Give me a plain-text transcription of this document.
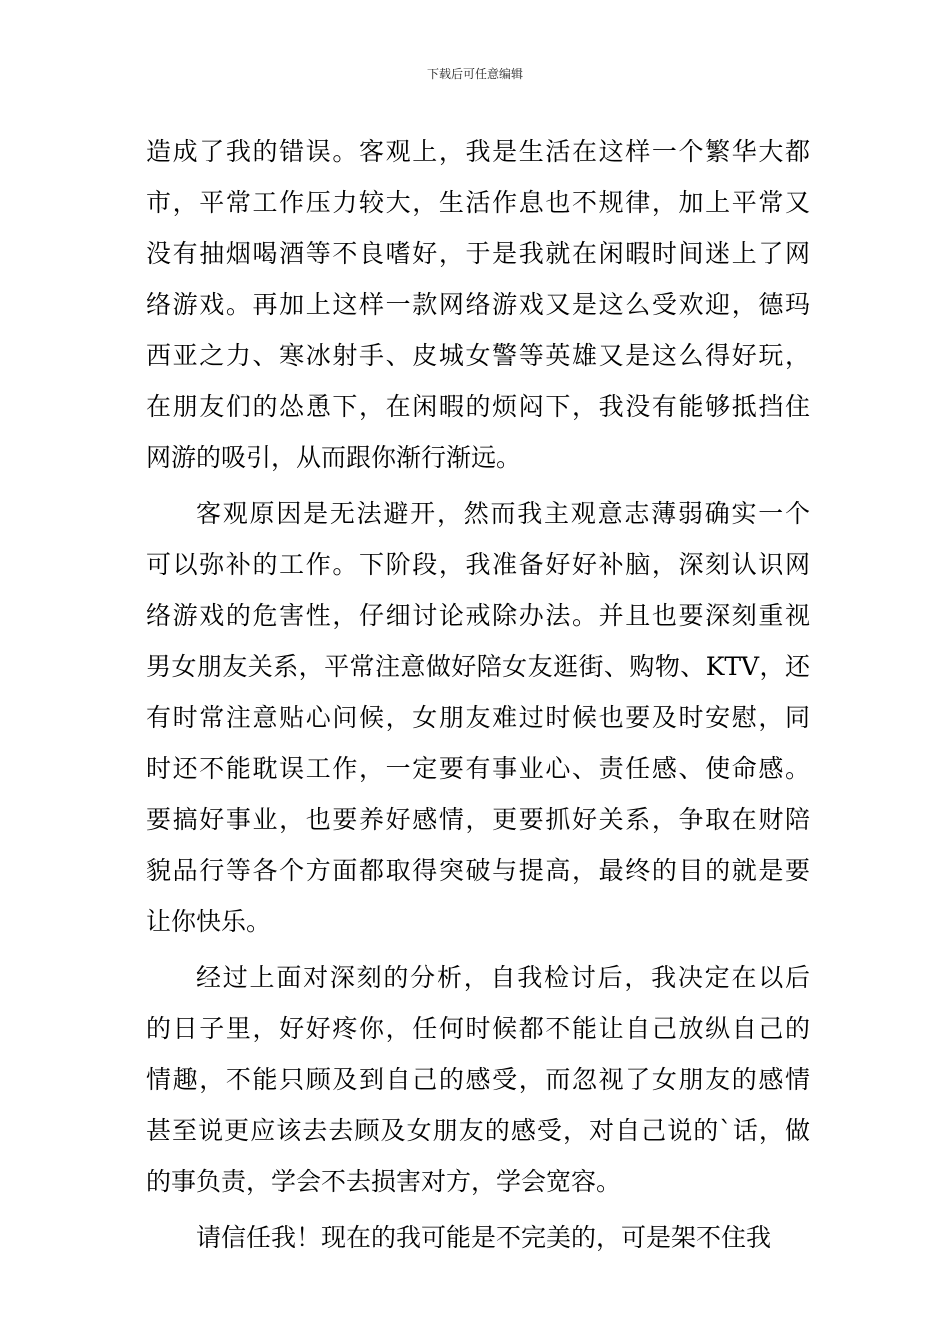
下载后可任意编辑
造成了我的错误。客观上，我是生活在这样一个繁华大都
市，平常工作压力较大，生活作息也不规律，加上平常又
没有抽烟喝酒等不良嗜好，于是我就在闲暇时间迷上了网
络游戏。再加上这样一款网络游戏又是这么受欢迎，德玛
西亚之力、寒冰射手、皮城女警等英雄又是这么得好玩，
在朋友们的怂恿下，在闲暇的烦闷下，我没有能够抵挡住
网游的吸引，从而跟你渐行渐远。
客观原因是无法避开，然而我主观意志薄弱确实一个
可以弥补的工作。下阶段，我准备好好补脑，深刻认识网
络游戏的危害性，仔细讨论戒除办法。并且也要深刻重视
男女朋友关系，平常注意做好陪女友逛街、购物、KTV，还
有时常注意贴心问候，女朋友难过时候也要及时安慰，同
时还不能耽误工作，一定要有事业心、责任感、使命感。
要搞好事业，也要养好感情，更要抓好关系，争取在财陪
貌品行等各个方面都取得突破与提高，最终的目的就是要
让你快乐。
经过上面对深刻的分析，自我检讨后，我决定在以后
的日子里，好好疼你，任何时候都不能让自己放纵自己的
情趣，不能只顾及到自己的感受，而忽视了女朋友的感情
甚至说更应该去去顾及女朋友的感受，对自己说的`话，做
的事负责，学会不去损害对方，学会宽容。
请信任我！现在的我可能是不完美的，可是架不住我
